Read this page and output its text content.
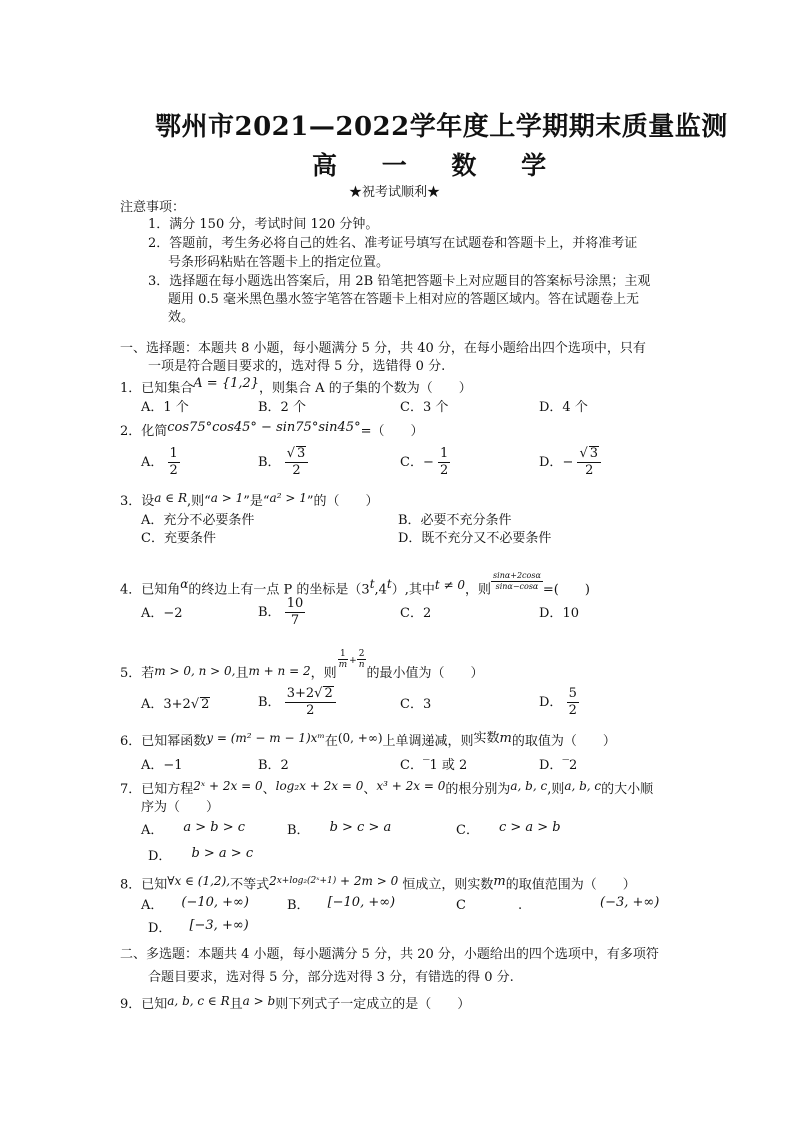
鄂州市2021—2022学年度上学期期末质量监测
高 一 数 学
★祝考试顺利★
注意事项：
1．满分 150 分，考试时间 120 分钟。
2．答题前，考生务必将自己的姓名、准考证号填写在试题卷和答题卡上，并将准考证
号条形码粘贴在答题卡上的指定位置。
3．选择题在每小题选出答案后，用 2B 铅笔把答题卡上对应题目的答案标号涂黑；主观
题用 0.5 毫米黑色墨水签字笔答在答题卡上相对应的答题区域内。答在试题卷上无
效。
一、选择题：本题共 8 小题，每小题满分 5 分，共 40 分，在每小题给出四个选项中，只有
一项是符合题目要求的，选对得 5 分，选错得 0 分.
1．已知集合A = {1,2}，则集合 A 的子集的个数为（　　）
A．1 个	B．2 个	C．3 个	D．4 个
2．化简cos75°cos45° − sin75°sin45°=（　　）
A． $\frac{1}{2}$	B． $\frac{√ 3}{2}$	C．− $\frac{1}{2}$	D．− $\frac{√ 3}{2}$
3．设a ∈ R,则“a > 1”是“a² > 1”的（　　）
A．充分不必要条件	B．必要不充分条件
C．充要条件	D．既不充分又不必要条件
4．已知角α的终边上有一点 P 的坐标是（3$^t$,4$^t$）,其中t ≠ 0，则 $\frac{\sin\alpha+2\cos\alpha}{\sin\alpha-\cos\alpha}$ =(　　)
A．−2	B． $\frac{10}{7}$	C．2	D．10
5．若m > 0, n > 0,且m + n = 2，则
$\frac{1}{m} ^+ \frac{2}{n}$
的最小值为（　　）
A．3+2√ 2	B． $\frac{3+2√ 2}{2}$	C．3	D． $\frac{5}{2}$
6．已知幂函数y = (m² − m − 1)xᵐ在(0, +∞)上单调递减，则实数m的取值为（　　）
A．−1	B．2	C．‾1 或 2	D．‾2
7．已知方程2ˣ + 2x = 0、log₂x + 2x = 0、x³ + 2x = 0的根分别为a, b, c,则a, b, c的大小顺
序为（　　）
A． a > b > c	B． b > c > a	C． c > a > b
D． b > a > c
8．已知∀x ∈ (1,2),不等式$2^{x+log_2(2ˣ+1)} + 2m > 0$ 恒成立，则实数m的取值范围为（　　）
A． (−10, +∞)	B． [−10, +∞)	C	.	(−3, +∞)
D． [−3, +∞)
二、多选题：本题共 4 小题，每小题满分 5 分，共 20 分，小题给出的四个选项中，有多项符
合题目要求，选对得 5 分，部分选对得 3 分，有错选的得 0 分.
9．已知a, b, c ∈ R且a > b则下列式子一定成立的是（　　）
